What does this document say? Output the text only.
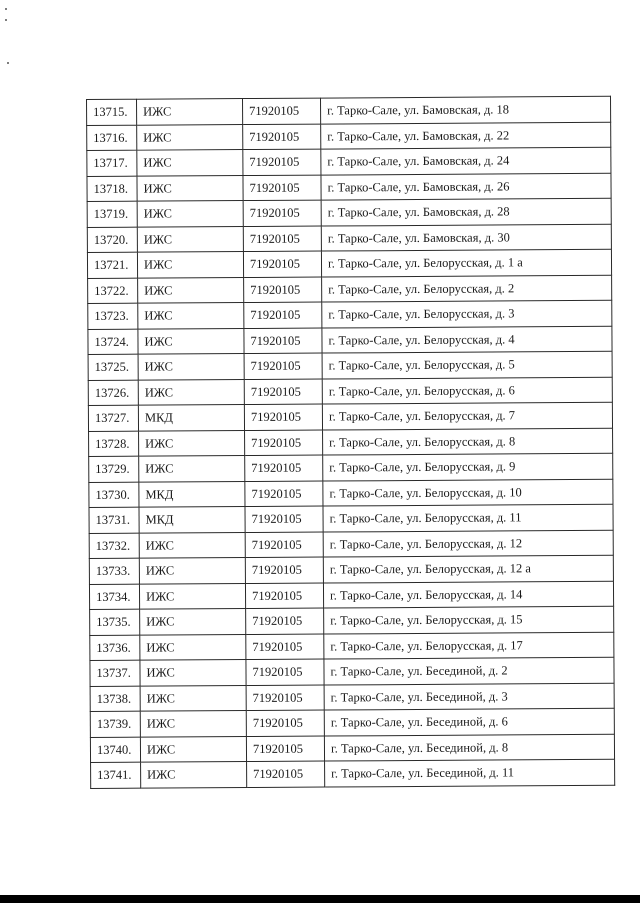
13715.	ИЖС	71920105	г. Тарко-Сале, ул. Бамовская, д. 18
13716.	ИЖС	71920105	г. Тарко-Сале, ул. Бамовская, д. 22
13717.	ИЖС	71920105	г. Тарко-Сале, ул. Бамовская, д. 24
13718.	ИЖС	71920105	г. Тарко-Сале, ул. Бамовская, д. 26
13719.	ИЖС	71920105	г. Тарко-Сале, ул. Бамовская, д. 28
13720.	ИЖС	71920105	г. Тарко-Сале, ул. Бамовская, д. 30
13721.	ИЖС	71920105	г. Тарко-Сале, ул. Белорусская, д. 1 а
13722.	ИЖС	71920105	г. Тарко-Сале, ул. Белорусская, д. 2
13723.	ИЖС	71920105	г. Тарко-Сале, ул. Белорусская, д. 3
13724.	ИЖС	71920105	г. Тарко-Сале, ул. Белорусская, д. 4
13725.	ИЖС	71920105	г. Тарко-Сале, ул. Белорусская, д. 5
13726.	ИЖС	71920105	г. Тарко-Сале, ул. Белорусская, д. 6
13727.	МКД	71920105	г. Тарко-Сале, ул. Белорусская, д. 7
13728.	ИЖС	71920105	г. Тарко-Сале, ул. Белорусская, д. 8
13729.	ИЖС	71920105	г. Тарко-Сале, ул. Белорусская, д. 9
13730.	МКД	71920105	г. Тарко-Сале, ул. Белорусская, д. 10
13731.	МКД	71920105	г. Тарко-Сале, ул. Белорусская, д. 11
13732.	ИЖС	71920105	г. Тарко-Сале, ул. Белорусская, д. 12
13733.	ИЖС	71920105	г. Тарко-Сале, ул. Белорусская, д. 12 а
13734.	ИЖС	71920105	г. Тарко-Сале, ул. Белорусская, д. 14
13735.	ИЖС	71920105	г. Тарко-Сале, ул. Белорусская, д. 15
13736.	ИЖС	71920105	г. Тарко-Сале, ул. Белорусская, д. 17
13737.	ИЖС	71920105	г. Тарко-Сале, ул. Бесединой, д. 2
13738.	ИЖС	71920105	г. Тарко-Сале, ул. Бесединой, д. 3
13739.	ИЖС	71920105	г. Тарко-Сале, ул. Бесединой, д. 6
13740.	ИЖС	71920105	г. Тарко-Сале, ул. Бесединой, д. 8
13741.	ИЖС	71920105	г. Тарко-Сале, ул. Бесединой, д. 11
